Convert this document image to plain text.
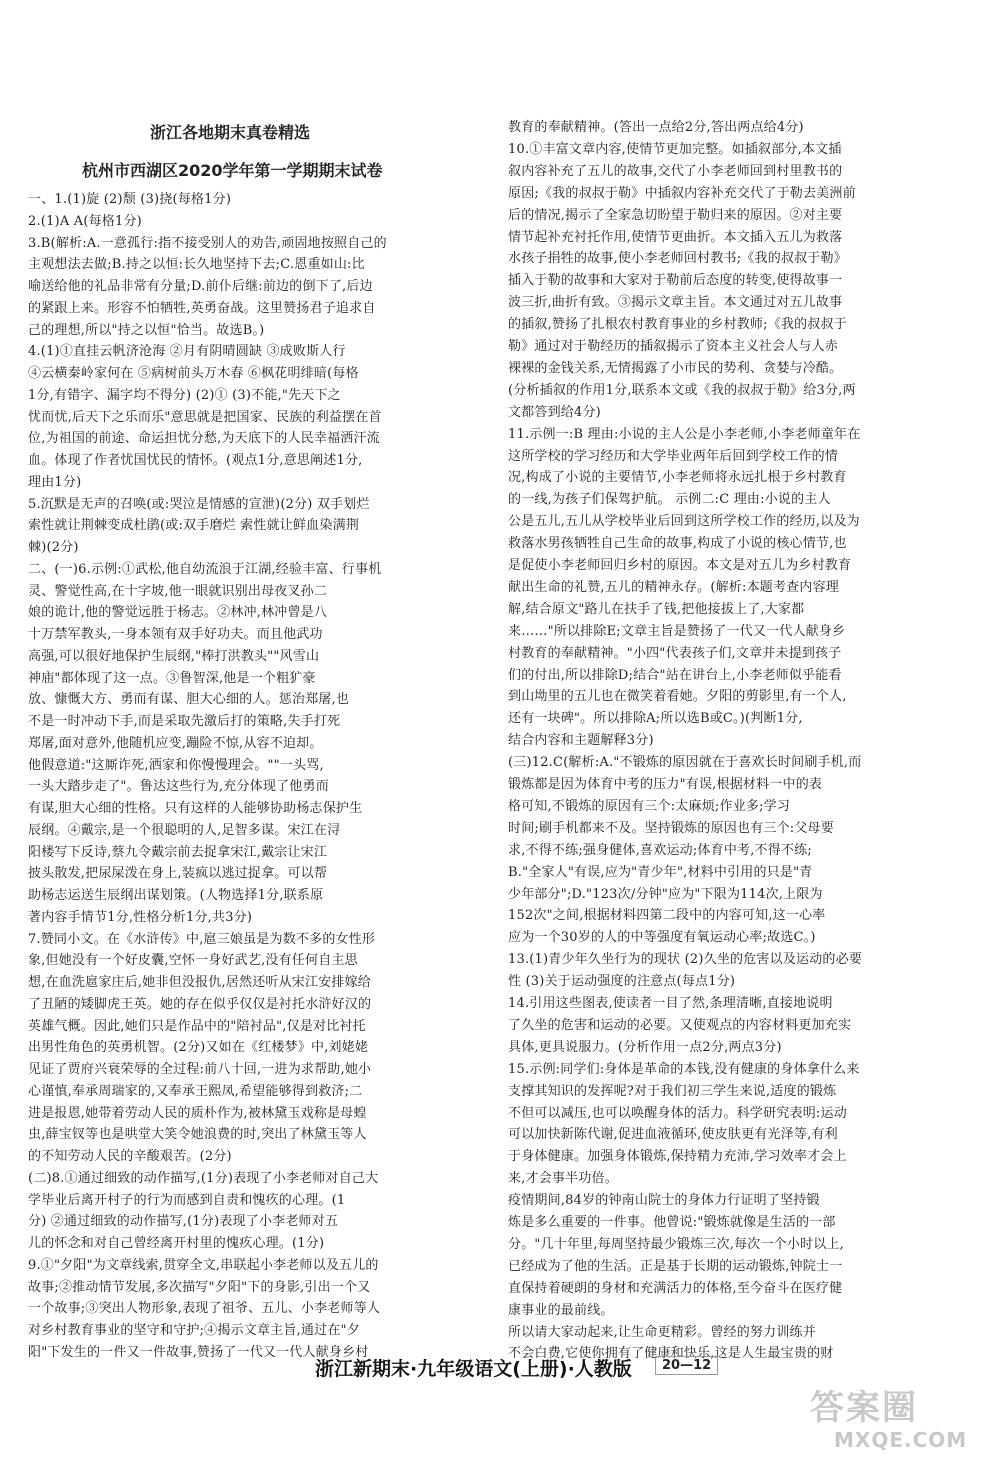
浙江各地期末真卷精选
杭州市西湖区2020学年第一学期期末试卷
一、1.(1)旋 (2)颓 (3)挠(每格1分)
2.(1)A A(每格1分)
3.B(解析:A.一意孤行:指不接受别人的劝告,顽固地按照自己的
主观想法去做;B.持之以恒:长久地坚持下去;C.恩重如山:比
喻送给他的礼品非常有分量;D.前仆后继:前边的倒下了,后边
的紧跟上来。形容不怕牺牲,英勇奋战。这里赞扬君子追求自
己的理想,所以"持之以恒"恰当。故选B。)
4.(1)①直挂云帆济沧海 ②月有阴晴圆缺 ③成败斯人行
④云横秦岭家何在 ⑤病树前头万木春 ⑥枫花明绯暗(每格
1分,有错字、漏字均不得分) (2)① (3)不能,"先天下之
忧而忧,后天下之乐而乐"意思就是把国家、民族的利益摆在首
位,为祖国的前途、命运担忧分愁,为天底下的人民幸福洒汗流
血。体现了作者忧国忧民的情怀。(观点1分,意思阐述1分,
理由1分)
5.沉默是无声的召唤(或:哭泣是情感的宣泄)(2分) 双手划烂
索性就让荆棘变成杜鹃(或:双手磨烂 索性就让鲜血染满荆
棘)(2分)
二、(一)6.示例:①武松,他自幼流浪于江湖,经验丰富、行事机
灵、警觉性高,在十字坡,他一眼就识别出母夜叉孙二
娘的诡计,他的警觉远胜于杨志。②林冲,林冲曾是八
十万禁军教头,一身本领有双手好功夫。而且他武功
高强,可以很好地保护生辰纲,"棒打洪教头""风雪山
神庙"都体现了这一点。③鲁智深,他是一个粗犷豪
放、慷慨大方、勇而有谋、胆大心细的人。惩治郑屠,也
不是一时冲动下手,而是采取先激后打的策略,失手打死
郑屠,面对意外,他随机应变,蹦险不惊,从容不迫却。
他假意道:"这厮诈死,洒家和你慢慢理会。""一头骂,
一头大踏步走了"。鲁达这些行为,充分体现了他勇而
有谋,胆大心细的性格。只有这样的人能够协助杨志保护生
辰纲。④戴宗,是一个很聪明的人,足智多谋。宋江在浔
阳楼写下反诗,蔡九令戴宗前去捉拿宋江,戴宗让宋江
披头散发,把尿屎泼在身上,装疯以逃过捉拿。可以帮
助杨志运送生辰纲出谋划策。(人物选择1分,联系原
著内容手情节1分,性格分析1分,共3分)
7.赞同小文。在《水浒传》中,扈三娘虽是为数不多的女性形
象,但她没有一个好皮囊,空怀一身好武艺,没有任何自主思
想,在血洗扈家庄后,她非但没报仇,居然还听从宋江安排嫁给
了丑陋的矮脚虎王英。她的存在似乎仅仅是衬托水浒好汉的
英雄气概。因此,她们只是作品中的"陪衬品",仅是对比衬托
出男性角色的英勇机智。(2分)又如在《红楼梦》中,刘姥姥
见证了贾府兴衰荣辱的全过程:前八十回,一进为求帮助,她小
心谨慎,奉承周瑞家的,又奉承王熙凤,希望能够得到救济;二
进是报恩,她带着劳动人民的质朴作为,被林黛玉戏称是母蝗
虫,薛宝钗等也是哄堂大笑令她浪费的时,突出了林黛玉等人
的不知劳动人民的辛酸艰苦。(2分)
(二)8.①通过细致的动作描写,(1分)表现了小李老师对自己大
学毕业后离开村子的行为而感到自责和愧疚的心理。(1
分) ②通过细致的动作描写,(1分)表现了小李老师对五
儿的怀念和对自己曾经离开村里的愧疚心理。(1分)
9.①"夕阳"为文章线索,贯穿全文,串联起小李老师以及五儿的
故事;②推动情节发展,多次描写"夕阳"下的身影,引出一个又
一个故事;③突出人物形象,表现了祖爷、五儿、小李老师等人
对乡村教育事业的坚守和守护;④揭示文章主旨,通过在"夕
阳"下发生的一件又一件故事,赞扬了一代又一代人献身乡村
教育的奉献精神。(答出一点给2分,答出两点给4分)
10.①丰富文章内容,使情节更加完整。如插叙部分,本文插
叙内容补充了五儿的故事,交代了小李老师回到村里教书的
原因;《我的叔叔于勒》中插叙内容补充交代了于勒去美洲前
后的情况,揭示了全家急切盼望于勒归来的原因。②对主要
情节起补充衬托作用,使情节更曲折。本文插入五儿为救落
水孩子捐牲的故事,使小李老师回村教书;《我的叔叔于勒》
插入于勒的故事和大家对于勒前后态度的转变,使得故事一
波三折,曲折有致。③揭示文章主旨。本文通过对五儿故事
的插叙,赞扬了扎根农村教育事业的乡村教师;《我的叔叔于
勒》通过对于勒经历的插叙揭示了资本主义社会人与人赤
裸裸的金钱关系,无情揭露了小市民的势利、贪婪与冷酷。
(分析插叙的作用1分,联系本文或《我的叔叔于勒》给3分,两
文都答到给4分)
11.示例一:B 理由:小说的主人公是小李老师,小李老师童年在
这所学校的学习经历和大学毕业两年后回到学校工作的情
况,构成了小说的主要情节,小李老师将永远扎根于乡村教育
的一线,为孩子们保驾护航。 示例二:C 理由:小说的主人
公是五儿,五儿从学校毕业后回到这所学校工作的经历,以及为
救落水男孩牺牲自己生命的故事,构成了小说的核心情节,也
是促使小李老师回归乡村的原因。本文是对五儿为乡村教育
献出生命的礼赞,五儿的精神永存。(解析:本题考查内容理
解,结合原文"路儿在扶手了钱,把他接拔上了,大家都
来……"所以排除E;文章主旨是赞扬了一代又一代人献身乡
村教育的奉献精神。"小四"代表孩子们,文章并未提到孩子
们的付出,所以排除D;结合"站在讲台上,小李老师似乎能看
到山坳里的五儿也在微笑着看她。夕阳的剪影里,有一个人,
还有一块碑"。所以排除A;所以选B或C。)(判断1分,
结合内容和主题解释3分)
(三)12.C(解析:A."不锻炼的原因就在于喜欢长时间刷手机,而
锻炼都是因为体育中考的压力"有误,根据材料一中的表
格可知,不锻炼的原因有三个:太麻烦;作业多;学习
时间;刷手机都来不及。坚持锻炼的原因也有三个:父母要
求,不得不练;强身健体,喜欢运动;体育中考,不得不练;
B."全家人"有误,应为"青少年",材料中引用的只是"青
少年部分";D."123次/分钟"应为"下限为114次,上限为
152次"之间,根据材料四第二段中的内容可知,这一心率
应为一个30岁的人的中等强度有氧运动心率;故选C。)
13.(1)青少年久坐行为的现状 (2)久坐的危害以及运动的必要
性 (3)关于运动强度的注意点(每点1分)
14.引用这些图表,使读者一目了然,条理清晰,直接地说明
了久坐的危害和运动的必要。又使观点的内容材料更加充实
具体,更具说服力。(分析作用一点2分,两点3分)
15.示例:同学们:身体是革命的本钱,没有健康的身体拿什么来
支撑其知识的发挥呢?对于我们初三学生来说,适度的锻炼
不但可以减压,也可以唤醒身体的活力。科学研究表明:运动
可以加快新陈代谢,促进血液循环,使皮肤更有光泽等,有利
于身体健康。加强身体锻炼,保持精力充沛,学习效率才会上
来,才会事半功倍。
疫情期间,84岁的钟南山院士的身体力行证明了坚持锻
炼是多么重要的一件事。他曾说:"锻炼就像是生活的一部
分。"几十年里,每周坚持最少锻炼三次,每次一个小时以上,
已经成为了他的生活。正是基于长期的运动锻炼,钟院士一
直保持着硬朗的身材和充满活力的体格,至今奋斗在医疗健
康事业的最前线。
所以请大家动起来,让生命更精彩。曾经的努力训练并
不会白费,它使你拥有了健康和快乐,这是人生最宝贵的财
浙江新期末·九年级语文(上册)·人教版	20—12
答案圈
MXQE.COM
